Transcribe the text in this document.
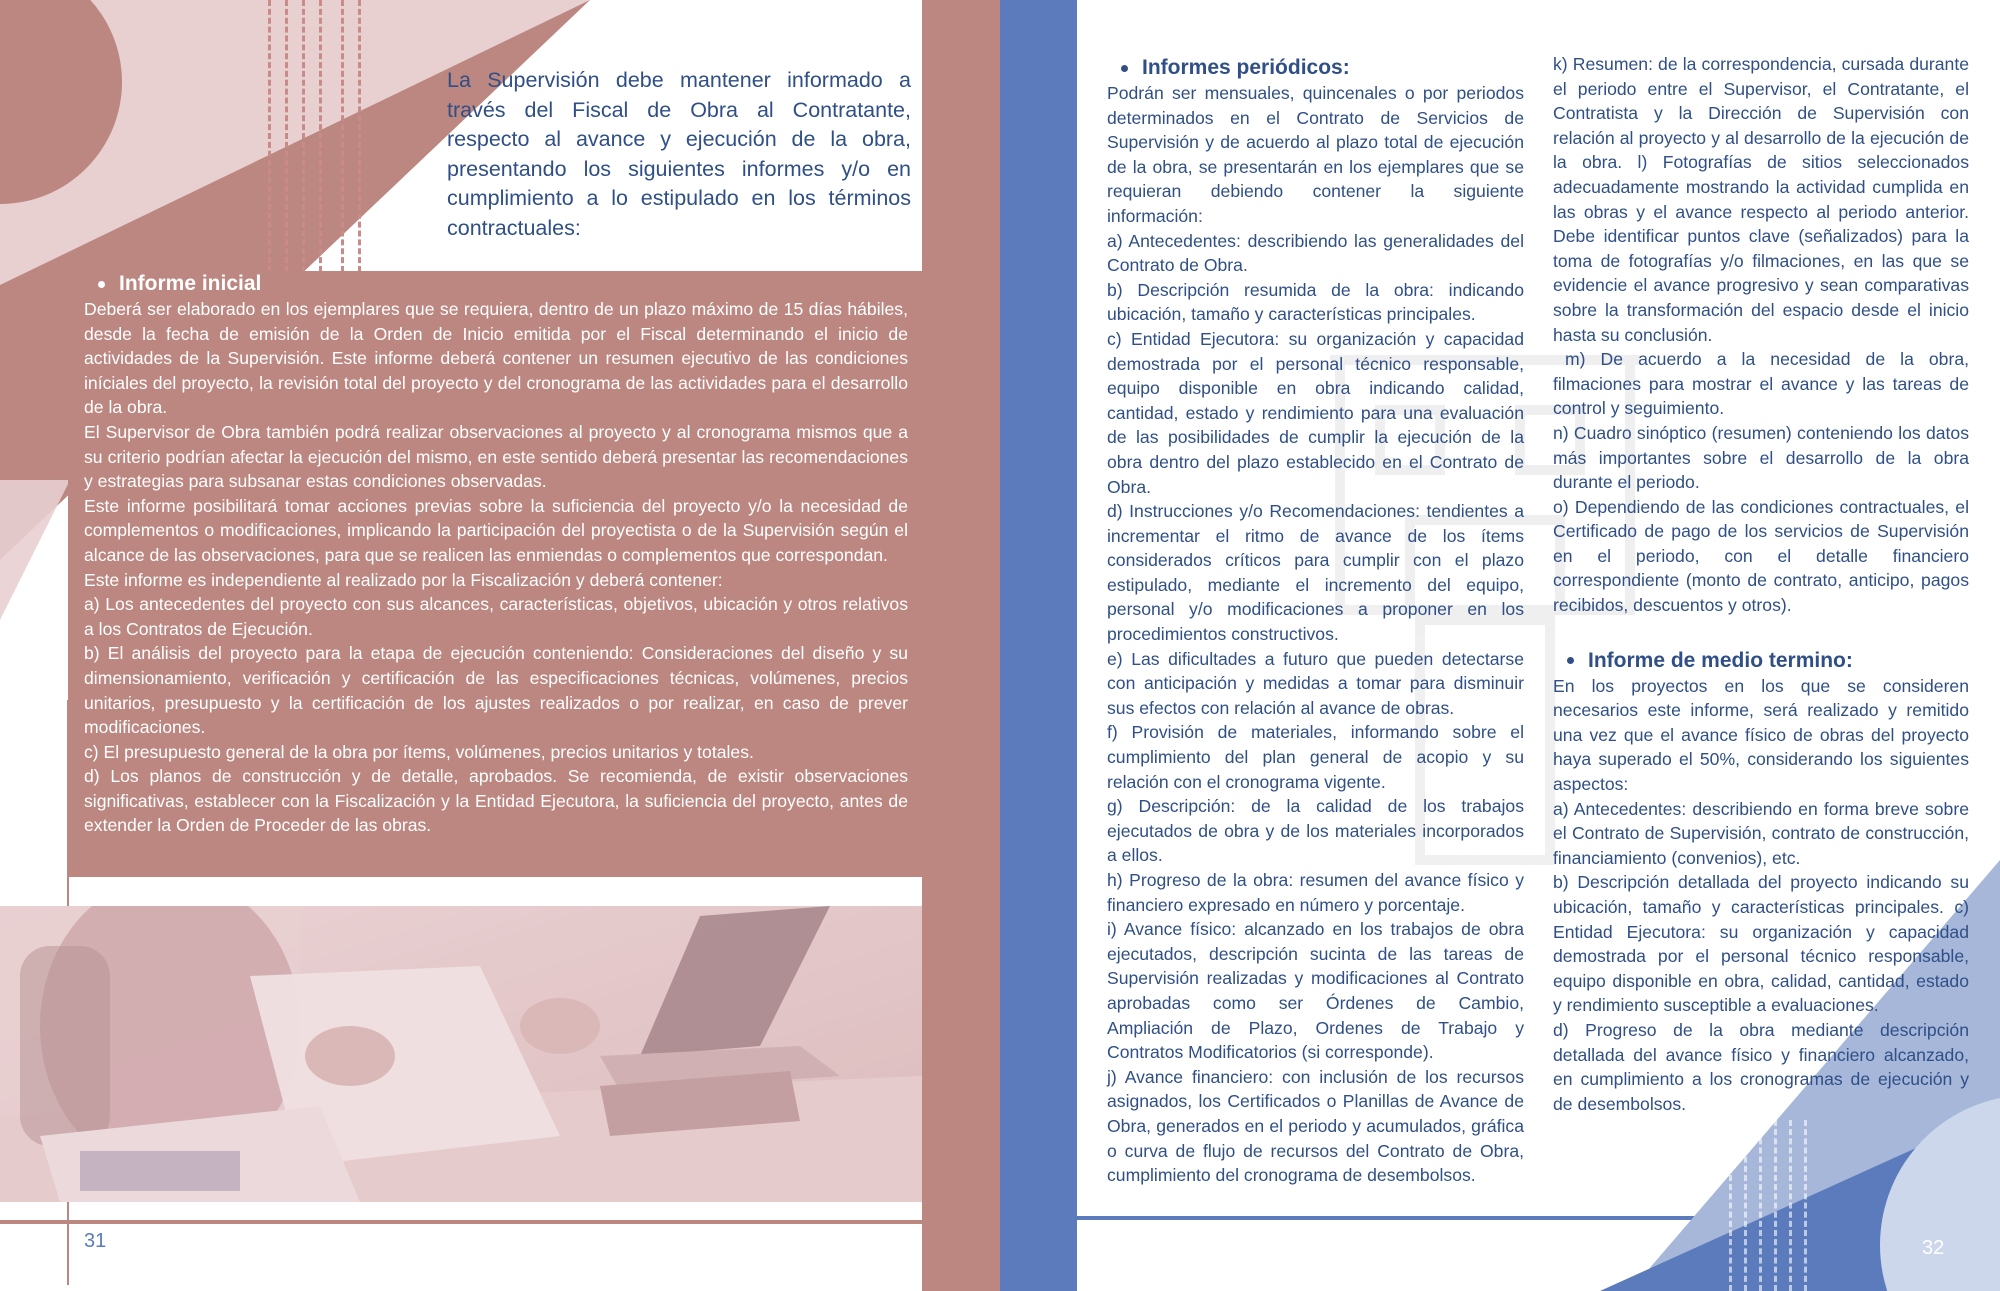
La Supervisión debe mantener informado a través del Fiscal de Obra al Contratante, respecto al avance y ejecución de la obra, presentando los siguientes informes y/o en cumplimiento a lo estipulado en los términos contractuales:

Informe inicial

Deberá ser elaborado en los ejemplares que se requiera, dentro de un plazo máximo de 15 días hábiles, desde la fecha de emisión de la Orden de Inicio emitida por el Fiscal determinando el inicio de actividades de la Supervisión. Este informe deberá contener un resumen ejecutivo de las condiciones iníciales del proyecto, la revisión total del proyecto y del cronograma de las actividades para el desarrollo de la obra.

El Supervisor de Obra también podrá realizar observaciones al proyecto y al cronograma mismos que a su criterio podrían afectar la ejecución del mismo, en este sentido deberá presentar las recomendaciones y estrategias para subsanar estas condiciones observadas.

Este informe posibilitará tomar acciones previas sobre la suficiencia del proyecto y/o la necesidad de complementos o modificaciones, implicando la participación del proyectista o de la Supervisión según el alcance de las observaciones, para que se realicen las enmiendas o complementos que correspondan.

Este informe es independiente al realizado por la Fiscalización y deberá contener:

a) Los antecedentes del proyecto con sus alcances, características, objetivos, ubicación y otros relativos a los Contratos de Ejecución.

b) El análisis del proyecto para la etapa de ejecución conteniendo: Consideraciones del diseño y su dimensionamiento, verificación y certificación de las especificaciones técnicas, volúmenes, precios unitarios, presupuesto y la certificación de los ajustes realizados o por realizar, en caso de prever modificaciones.

c) El presupuesto general de la obra por ítems, volúmenes, precios unitarios y totales.

d) Los planos de construcción y de detalle, aprobados. Se recomienda, de existir observaciones significativas, establecer con la Fiscalización y la Entidad Ejecutora, la suficiencia del proyecto, antes de extender la Orden de Proceder de las obras.

31
Informes periódicos:

Podrán ser mensuales, quincenales o por periodos determinados en el Contrato de Servicios de Supervisión y de acuerdo al plazo total de ejecución de la obra, se presentarán en los ejemplares que se requieran debiendo contener la siguiente información:

a) Antecedentes: describiendo las generalidades del Contrato de Obra.

b) Descripción resumida de la obra: indicando ubicación, tamaño y características principales.

c) Entidad Ejecutora: su organización y capacidad demostrada por el personal técnico responsable, equipo disponible en obra indicando calidad, cantidad, estado y rendimiento para una evaluación de las posibilidades de cumplir la ejecución de la obra dentro del plazo establecido en el Contrato de Obra.

d) Instrucciones y/o Recomendaciones: tendientes a incrementar el ritmo de avance de los ítems considerados críticos para cumplir con el plazo estipulado, mediante el incremento del equipo, personal y/o modificaciones a proponer en los procedimientos constructivos.

e) Las dificultades a futuro que pueden detectarse con anticipación y medidas a tomar para disminuir sus efectos con relación al avance de obras.

f) Provisión de materiales, informando sobre el cumplimiento del plan general de acopio y su relación con el cronograma vigente.

g) Descripción: de la calidad de los trabajos ejecutados de obra y de los materiales incorporados a ellos.

h) Progreso de la obra: resumen del avance físico y financiero expresado en número y porcentaje.

i) Avance físico: alcanzado en los trabajos de obra ejecutados, descripción sucinta de las tareas de Supervisión realizadas y modificaciones al Contrato aprobadas como ser Órdenes de Cambio, Ampliación de Plazo, Ordenes de Trabajo y Contratos Modificatorios (si corresponde).

j) Avance financiero: con inclusión de los recursos asignados, los Certificados o Planillas de Avance de Obra, generados en el periodo y acumulados, gráfica o curva de flujo de recursos del Contrato de Obra, cumplimiento del cronograma de desembolsos.

k) Resumen: de la correspondencia, cursada durante el periodo entre el Supervisor, el Contratante, el Contratista y la Dirección de Supervisión con relación al proyecto y al desarrollo de la ejecución de la obra. l) Fotografías de sitios seleccionados adecuadamente mostrando la actividad cumplida en las obras y el avance respecto al periodo anterior. Debe identificar puntos clave (señalizados) para la toma de fotografías y/o filmaciones, en las que se evidencie el avance progresivo y sean comparativas sobre la transformación del espacio desde el inicio hasta su conclusión.

m) De acuerdo a la necesidad de la obra, filmaciones para mostrar el avance y las tareas de control y seguimiento.

n) Cuadro sinóptico (resumen) conteniendo los datos más importantes sobre el desarrollo de la obra durante el periodo.

o) Dependiendo de las condiciones contractuales, el Certificado de pago de los servicios de Supervisión en el periodo, con el detalle financiero correspondiente (monto de contrato, anticipo, pagos recibidos, descuentos y otros).

Informe de medio termino:

En los proyectos en los que se consideren necesarios este informe, será realizado y remitido una vez que el avance físico de obras del proyecto haya superado el 50%, considerando los siguientes aspectos:

a) Antecedentes: describiendo en forma breve sobre el Contrato de Supervisión, contrato de construcción, financiamiento (convenios), etc.

b) Descripción detallada del proyecto indicando su ubicación, tamaño y características principales. c) Entidad Ejecutora: su organización y capacidad demostrada por el personal técnico responsable, equipo disponible en obra, calidad, cantidad, estado y rendimiento susceptible a evaluaciones.

d) Progreso de la obra mediante descripción detallada del avance físico y financiero alcanzado, en cumplimiento a los cronogramas de ejecución y de desembolsos.

32
